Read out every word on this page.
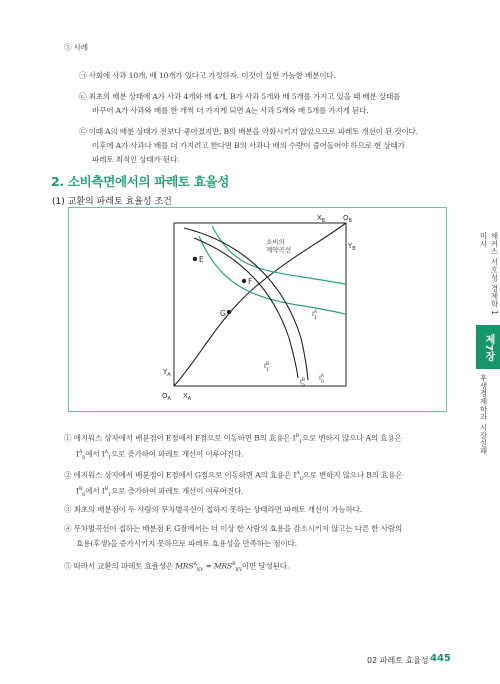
⑤ 사례
㉠ 사회에 사과 10개, 배 10개가 있다고 가정하자. 이것이 실현 가능한 배분이다.
㉡ 최초의 배분 상태에 A가 사과 4개와 배 4개, B가 사과 5개와 배 5개를 가지고 있을 때 배분 상태를
바꾸어 A가 사과와 배를 한 개씩 더 가지게 되면 A는 사과 5개와 배 5개를 가지게 된다.
㉢ 이때 A의 배분 상태가 전보다 좋아졌지만, B의 배분을 악화시키지 않았으므로 파레토 개선이 된 것이다.
이후에 A가 사과나 배를 더 가지려고 한다면 B의 사과나 배의 수량이 줄어들어야 하므로 현 상태가
파레토 최적인 상태가 된다.
2. 소비측면에서의 파레토 효율성
(1) 교환의 파레토 효율성 조건
$X_B$	$O_B$
$Y_B$
소비의
계약곡선
E
F
G	$I^A$ 1
$I^A$ 0
$I^B$ 1
$I^B$ 0
$Y_A$
$O_A$ $X_A$
① 에지워스 상자에서 배분점이 E점에서 F점으로 이동하면 B의 효용은 $I^B_1$으로 변하지 않으나 A의 효용은
$I^A_0$에서 $I^A_1$으로 증가하여 파레토 개선이 이루어진다.
② 에지워스 상자에서 배분점이 E점에서 G점으로 이동하면 A의 효용은 $I^A_0$으로 변하지 않으나 B의 효용은
$I^B_0$에서 $I^B_1$으로 증가하여 파레토 개선이 이루어진다.
③ 최초의 배분점이 두 사람의 무차별곡선이 접하지 못하는 상태라면 파레토 개선이 가능하다.
④ 무차별곡선이 접하는 배분점 F, G점에서는 더 이상 한 사람의 효용을 감소시키지 않고는 다른 한 사람의
효용(후생)을 증가시키지 못하므로 파레토 효용성을 만족하는 점이다.
⑤ 따라서 교환의 파레토 효율성은 $MRS^A_{XY} = MRS^B_{XY}$이면 달성된다.
해커스 서호성 경제학 1 미시
제7장
후생경제학과 시장실패
02 파레토 효율성 445
